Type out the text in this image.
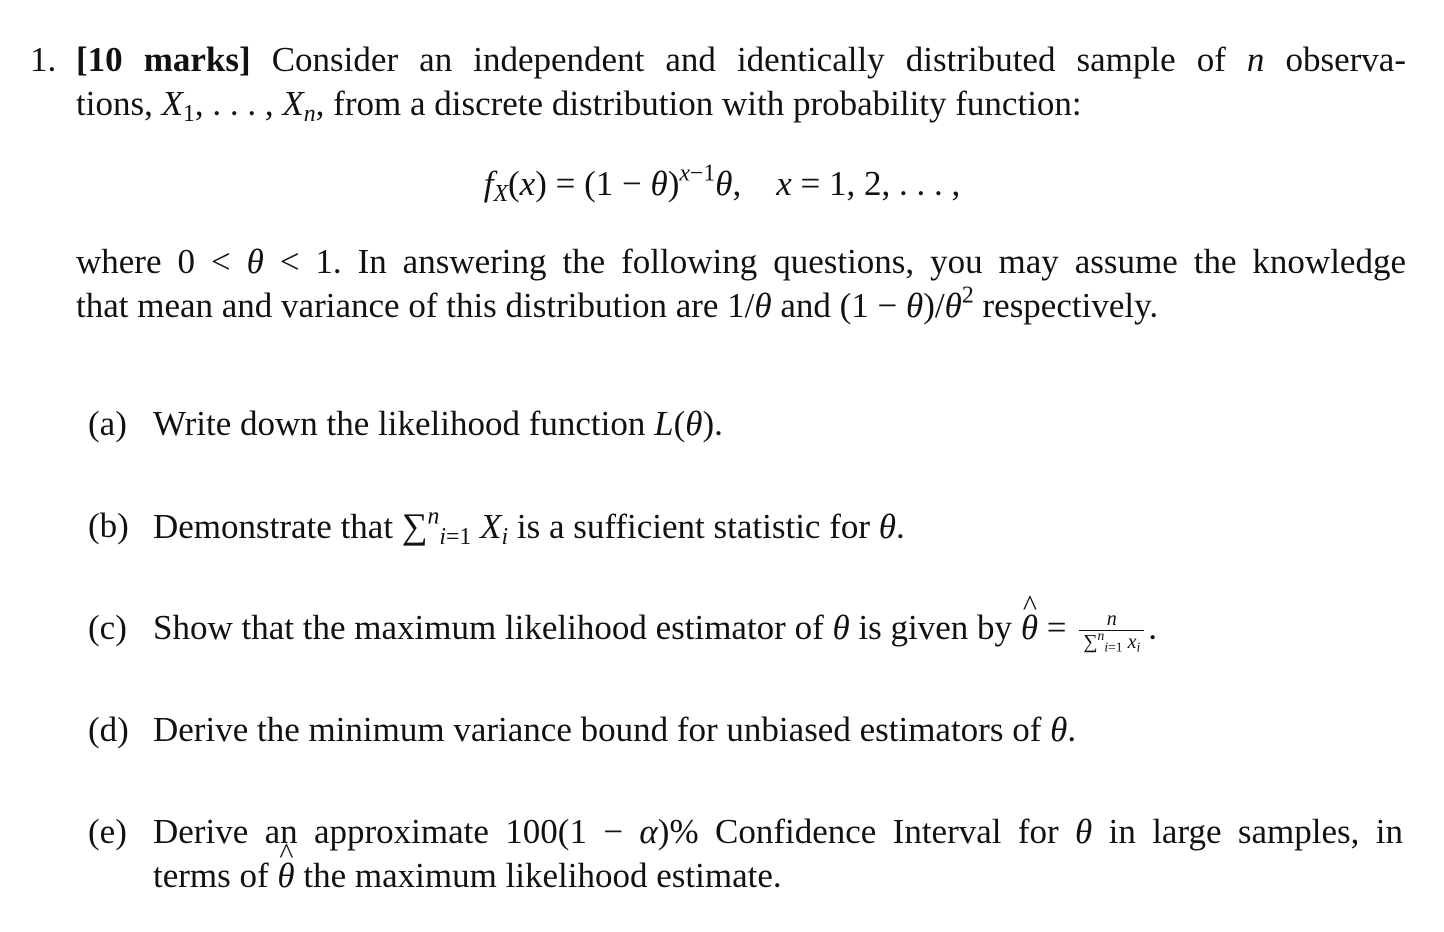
1. [10 marks] Consider an independent and identically distributed sample of n observa-
tions, $X_1$, . . . , $X_n$, from a discrete distribution with probability function:
$f_X(x) = (1 - \theta)^{x-1}\theta$,    x = 1, 2, . . . ,
where 0 < θ < 1. In answering the following questions, you may assume the knowledge
that mean and variance of this distribution are 1/θ and $(1 - \theta)/\theta^2$ respectively.
(a) Write down the likelihood function L(θ).
(b) Demonstrate that ∑$^n_{i=1}$ $X_i$ is a sufficient statistic for θ.
(c) Show that the maximum likelihood estimator of θ is given by ^ $\theta = \frac{n}{\sum^n_{i=1} x_i}$ .
(d) Derive the minimum variance bound for unbiased estimators of θ.
(e) Derive an approximate 100(1 − α)% Confidence Interval for θ in large samples, in
terms of ^ θ the maximum likelihood estimate.
